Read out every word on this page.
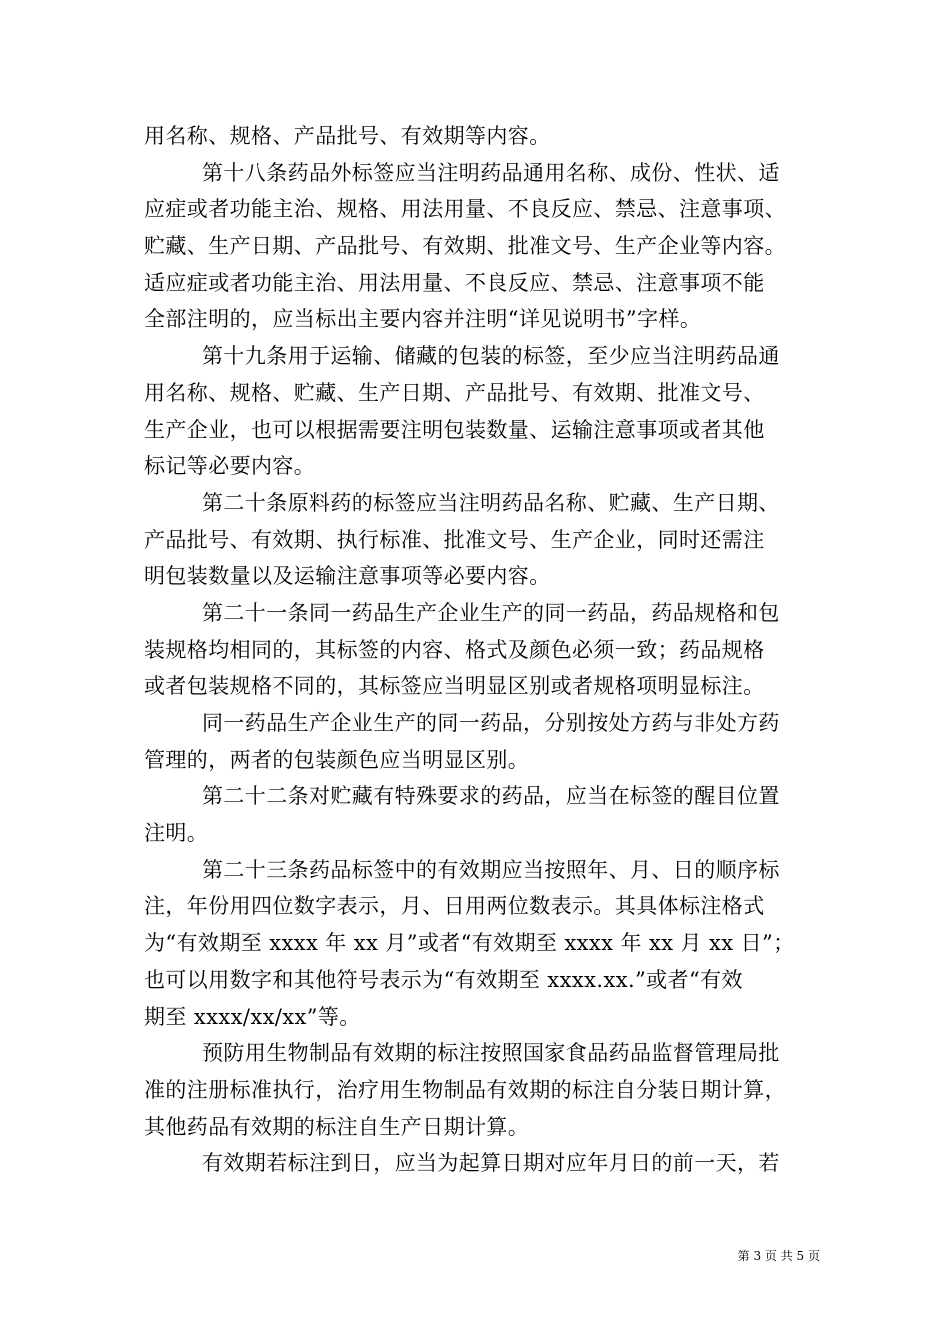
用名称、规格、产品批号、有效期等内容。
第十八条药品外标签应当注明药品通用名称、成份、性状、适
应症或者功能主治、规格、用法用量、不良反应、禁忌、注意事项、
贮藏、生产日期、产品批号、有效期、批准文号、生产企业等内容。
适应症或者功能主治、用法用量、不良反应、禁忌、注意事项不能
全部注明的，应当标出主要内容并注明“详见说明书”字样。
第十九条用于运输、储藏的包装的标签，至少应当注明药品通
用名称、规格、贮藏、生产日期、产品批号、有效期、批准文号、
生产企业，也可以根据需要注明包装数量、运输注意事项或者其他
标记等必要内容。
第二十条原料药的标签应当注明药品名称、贮藏、生产日期、
产品批号、有效期、执行标准、批准文号、生产企业，同时还需注
明包装数量以及运输注意事项等必要内容。
第二十一条同一药品生产企业生产的同一药品，药品规格和包
装规格均相同的，其标签的内容、格式及颜色必须一致；药品规格
或者包装规格不同的，其标签应当明显区别或者规格项明显标注。
同一药品生产企业生产的同一药品，分别按处方药与非处方药
管理的，两者的包装颜色应当明显区别。
第二十二条对贮藏有特殊要求的药品，应当在标签的醒目位置
注明。
第二十三条药品标签中的有效期应当按照年、月、日的顺序标
注，年份用四位数字表示，月、日用两位数表示。其具体标注格式
为“有效期至 xxxx 年 xx 月”或者“有效期至 xxxx 年 xx 月 xx 日”；
也可以用数字和其他符号表示为“有效期至 xxxx.xx.”或者“有效
期至 xxxx/xx/xx”等。
预防用生物制品有效期的标注按照国家食品药品监督管理局批
准的注册标准执行，治疗用生物制品有效期的标注自分装日期计算，
其他药品有效期的标注自生产日期计算。
有效期若标注到日，应当为起算日期对应年月日的前一天，若
第 3 页 共 5 页
